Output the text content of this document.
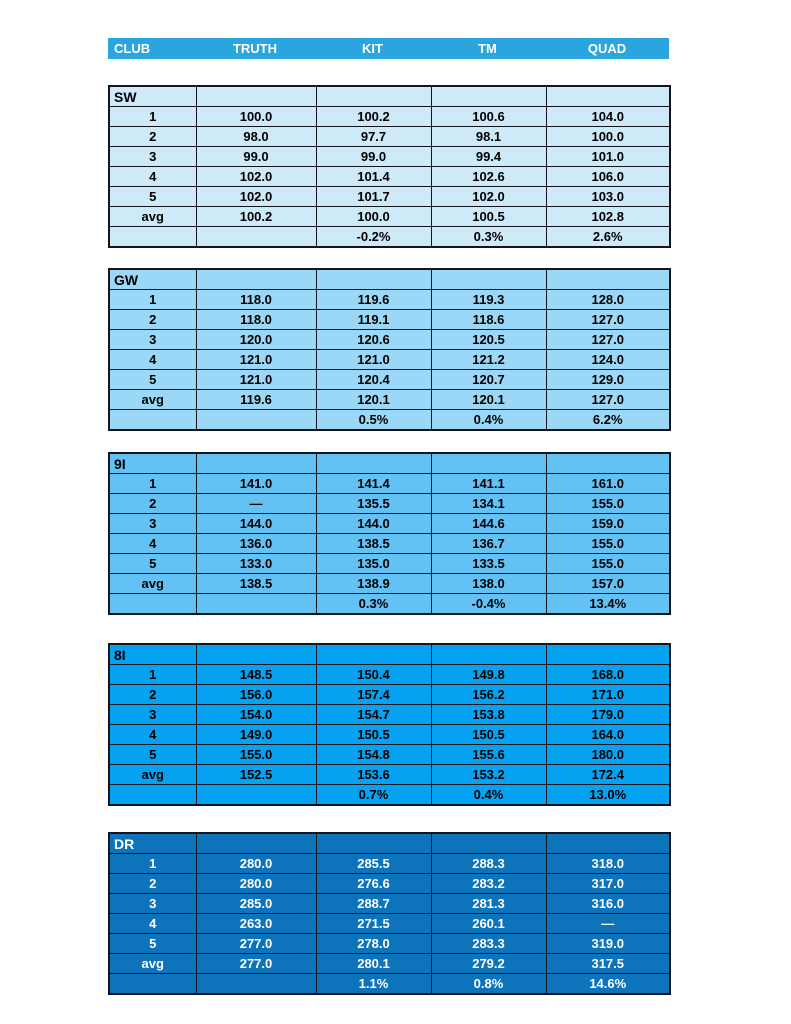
CLUB	TRUTH	KIT	TM	QUAD
SW				
1	100.0	100.2	100.6	104.0
2	98.0	97.7	98.1	100.0
3	99.0	99.0	99.4	101.0
4	102.0	101.4	102.6	106.0
5	102.0	101.7	102.0	103.0
avg	100.2	100.0	100.5	102.8
		-0.2%	0.3%	2.6%
GW				
1	118.0	119.6	119.3	128.0
2	118.0	119.1	118.6	127.0
3	120.0	120.6	120.5	127.0
4	121.0	121.0	121.2	124.0
5	121.0	120.4	120.7	129.0
avg	119.6	120.1	120.1	127.0
		0.5%	0.4%	6.2%
9I				
1	141.0	141.4	141.1	161.0
2	—	135.5	134.1	155.0
3	144.0	144.0	144.6	159.0
4	136.0	138.5	136.7	155.0
5	133.0	135.0	133.5	155.0
avg	138.5	138.9	138.0	157.0
		0.3%	-0.4%	13.4%
8I				
1	148.5	150.4	149.8	168.0
2	156.0	157.4	156.2	171.0
3	154.0	154.7	153.8	179.0
4	149.0	150.5	150.5	164.0
5	155.0	154.8	155.6	180.0
avg	152.5	153.6	153.2	172.4
		0.7%	0.4%	13.0%
DR				
1	280.0	285.5	288.3	318.0
2	280.0	276.6	283.2	317.0
3	285.0	288.7	281.3	316.0
4	263.0	271.5	260.1	—
5	277.0	278.0	283.3	319.0
avg	277.0	280.1	279.2	317.5
		1.1%	0.8%	14.6%
